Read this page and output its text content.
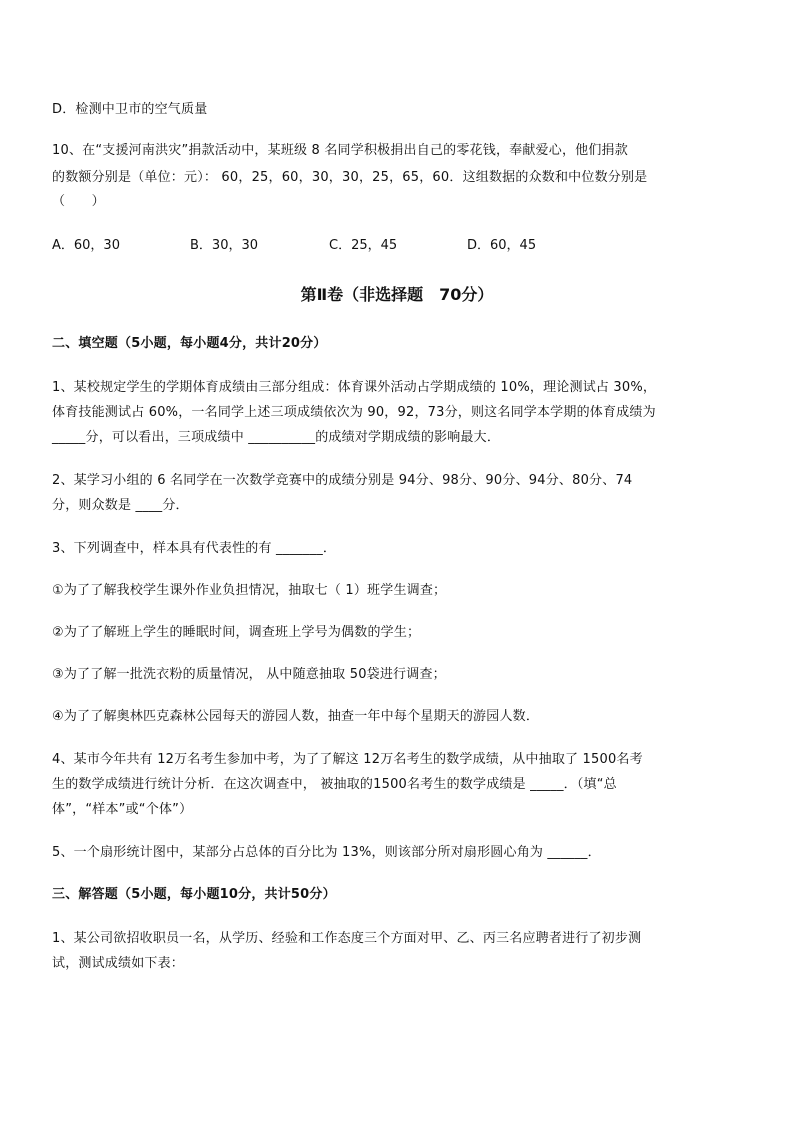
D．检测中卫市的空气质量
10、在“支援河南洪灾”捐款活动中，某班级 8 名同学积极捐出自己的零花钱，奉献爱心，他们捐款
的数额分别是（单位：元）： 60，25，60，30，30，25，65，60．这组数据的众数和中位数分别是
（　　）
A．60，30	B．30，30	C．25，45	D．60，45
第Ⅱ卷（非选择题　70分）
二、填空题（5小题，每小题4分，共计20分）
1、某校规定学生的学期体育成绩由三部分组成：体育课外活动占学期成绩的 10%，理论测试占 30%，
体育技能测试占 60%，一名同学上述三项成绩依次为 90，92，73分，则这名同学本学期的体育成绩为
_____分，可以看出，三项成绩中 __________的成绩对学期成绩的影响最大．
2、某学习小组的 6 名同学在一次数学竞赛中的成绩分别是 94分、98分、90分、94分、80分、74
分，则众数是 ____分．
3、下列调查中，样本具有代表性的有 _______．
①为了了解我校学生课外作业负担情况，抽取七（ 1）班学生调查；
②为了了解班上学生的睡眠时间，调查班上学号为偶数的学生；
③为了了解一批洗衣粉的质量情况， 从中随意抽取 50袋进行调查；
④为了了解奥林匹克森林公园每天的游园人数，抽查一年中每个星期天的游园人数．
4、某市今年共有 12万名考生参加中考，为了了解这 12万名考生的数学成绩，从中抽取了 1500名考
生的数学成绩进行统计分析．在这次调查中， 被抽取的1500名考生的数学成绩是 _____．（填“总
体”，“样本”或“个体”）
5、一个扇形统计图中，某部分占总体的百分比为 13%，则该部分所对扇形圆心角为 ______．
三、解答题（5小题，每小题10分，共计50分）
1、某公司欲招收职员一名，从学历、经验和工作态度三个方面对甲、乙、丙三名应聘者进行了初步测
试，测试成绩如下表：
